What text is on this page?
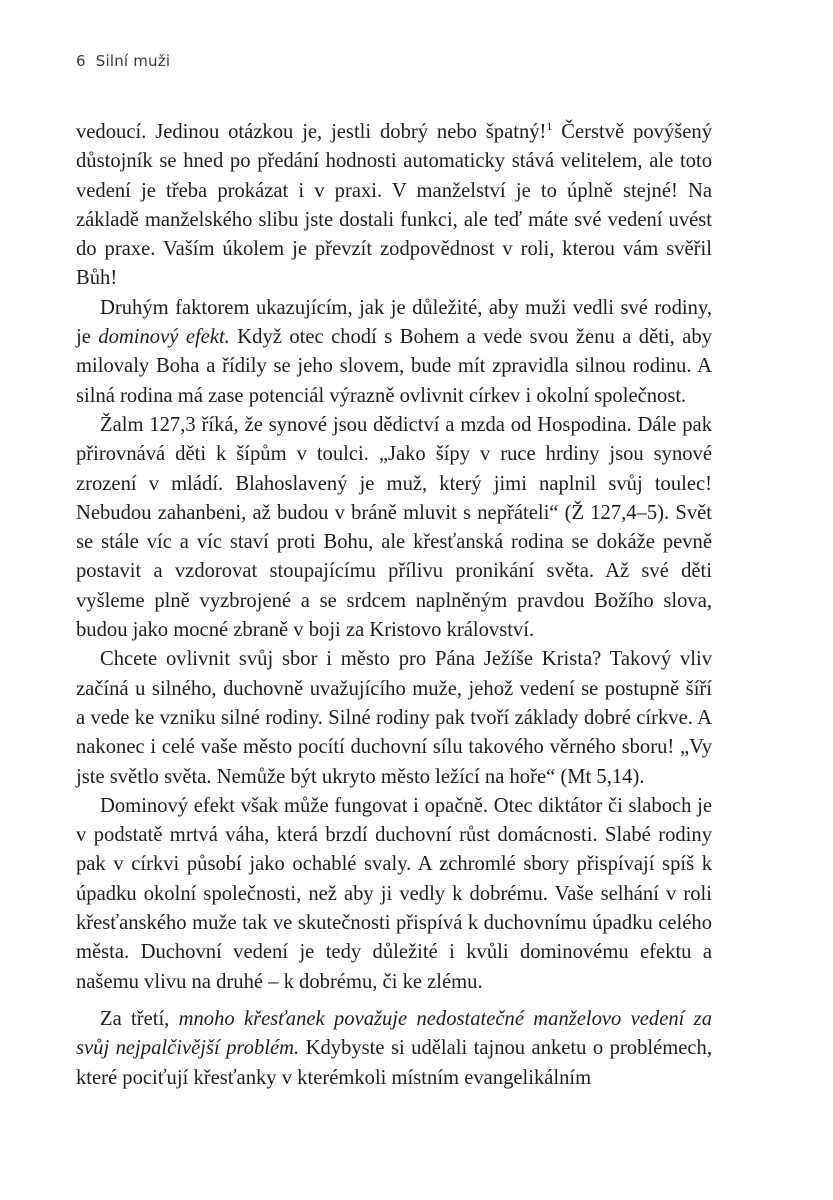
6 Silní muži

vedoucí. Jedinou otázkou je, jestli dobrý nebo špatný!$^1$ Čerstvě povýšený důstojník se hned po předání hodnosti automaticky stává velitelem, ale toto vedení je třeba prokázat i v praxi. V manželství je to úplně stejné! Na základě manželského slibu jste dostali funkci, ale teď máte své vedení uvést do praxe. Vaším úkolem je převzít zodpovědnost v roli, kterou vám svěřil Bůh!

Druhým faktorem ukazujícím, jak je důležité, aby muži vedli své rodiny, je dominový efekt. Když otec chodí s Bohem a vede svou ženu a děti, aby milovaly Boha a řídily se jeho slovem, bude mít zpravidla silnou rodinu. A silná rodina má zase potenciál výrazně ovlivnit církev i okolní společnost.

Žalm 127,3 říká, že synové jsou dědictví a mzda od Hospodina. Dále pak přirovnává děti k šípům v toulci. „Jako šípy v ruce hrdiny jsou synové zrození v mládí. Blahoslavený je muž, který jimi naplnil svůj toulec! Nebudou zahanbeni, až budou v bráně mluvit s nepřáteli“ (Ž 127,4–5). Svět se stále víc a víc staví proti Bohu, ale křesťanská rodina se dokáže pevně postavit a vzdorovat stoupajícímu přílivu pronikání světa. Až své děti vyšleme plně vyzbrojené a se srdcem naplněným pravdou Božího slova, budou jako mocné zbraně v boji za Kristovo království.

Chcete ovlivnit svůj sbor i město pro Pána Ježíše Krista? Takový vliv začíná u silného, duchovně uvažujícího muže, jehož vedení se postupně šíří a vede ke vzniku silné rodiny. Silné rodiny pak tvoří základy dobré církve. A nakonec i celé vaše město pocítí duchovní sílu takového věrného sboru! „Vy jste světlo světa. Nemůže být ukryto město ležící na hoře“ (Mt 5,14).

Dominový efekt však může fungovat i opačně. Otec diktátor či slaboch je v podstatě mrtvá váha, která brzdí duchovní růst domácnosti. Slabé rodiny pak v církvi působí jako ochablé svaly. A zchromlé sbory přispívají spíš k úpadku okolní společnosti, než aby ji vedly k dobrému. Vaše selhání v roli křesťanského muže tak ve skutečnosti přispívá k duchovnímu úpadku celého města. Duchovní vedení je tedy důležité i kvůli dominovému efektu a našemu vlivu na druhé – k dobrému, či ke zlému.

Za třetí, mnoho křesťanek považuje nedostatečné manželovo vedení za svůj nejpalčivější problém. Kdybyste si udělali tajnou anketu o problémech, které pociťují křesťanky v kterémkoli místním evangelikálním
